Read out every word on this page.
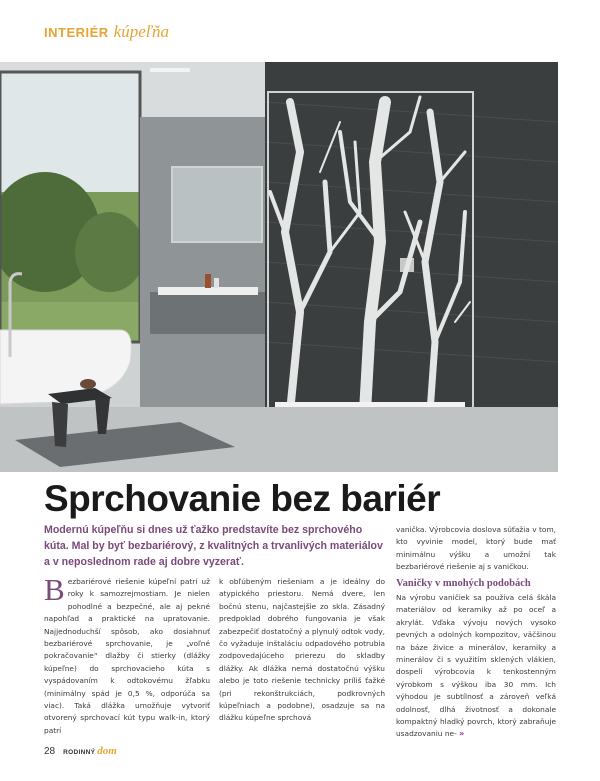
INTERIÉR kúpeľňa
Sprchovanie bez bariér

Modernú kúpeľňu si dnes už ťažko predstavíte bez sprchového kúta. Mal by byť bezbariérový, z kvalitných a trvanlivých materiálov a v neposlednom rade aj dobre vyzerať.

B ezbariérové riešenie kúpeľní patrí už roky k samozrejmostiam. Je nielen pohodlné a bezpečné, ale aj pekné napohľad a praktické na upratovanie. Najjednoduchší spôsob, ako dosiahnuť bezbariérové sprchovanie, je „voľné pokračovanie“ dlažby či stierky (dlážky kúpeľne) do sprchovacieho kúta s vyspádovaním k odtokovému žľabku (minimálny spád je 0,5 %, odporúča sa viac). Taká dlážka umožňuje vytvoriť otvorený sprchovací kút typu walk-in, ktorý patrí
k obľúbeným riešeniam a je ideálny do atypického priestoru. Nemá dvere, len bočnú stenu, najčastejšie zo skla. Zásadný predpoklad dobrého fungovania je však zabezpečiť dostatočný a plynulý odtok vody, čo vyžaduje inštaláciu odpadového potrubia zodpovedajúceho prierezu do skladby dlážky. Ak dlážka nemá dostatočnú výšku alebo je toto riešenie technicky príliš ťažké (pri rekonštrukciách, podkrovných kúpeľniach a podobne), osadzuje sa na dlážku kúpeľne sprchová
vanička. Výrobcovia doslova súťažia v tom, kto vyvinie model, ktorý bude mať minimálnu výšku a umožní tak bezbariérové riešenie aj s vaničkou.
Vaničky v mnohých podobách
Na výrobu vaničiek sa používa celá škála materiálov od keramiky až po oceľ a akrylát. Vďaka vývoju nových vysoko pevných a odolných kompozitov, väčšinou na báze živice a minerálov, keramiky a minerálov či s využitím sklených vlákien, dospeli výrobcovia k tenkostenným výrobkom s výškou iba 30 mm. Ich výhodou je subtílnosť a zároveň veľká odolnosť, dlhá životnosť a dokonale kompaktný hladký povrch, ktorý zabraňuje usadzovaniu ne- »
28 RODINNÝ dom
